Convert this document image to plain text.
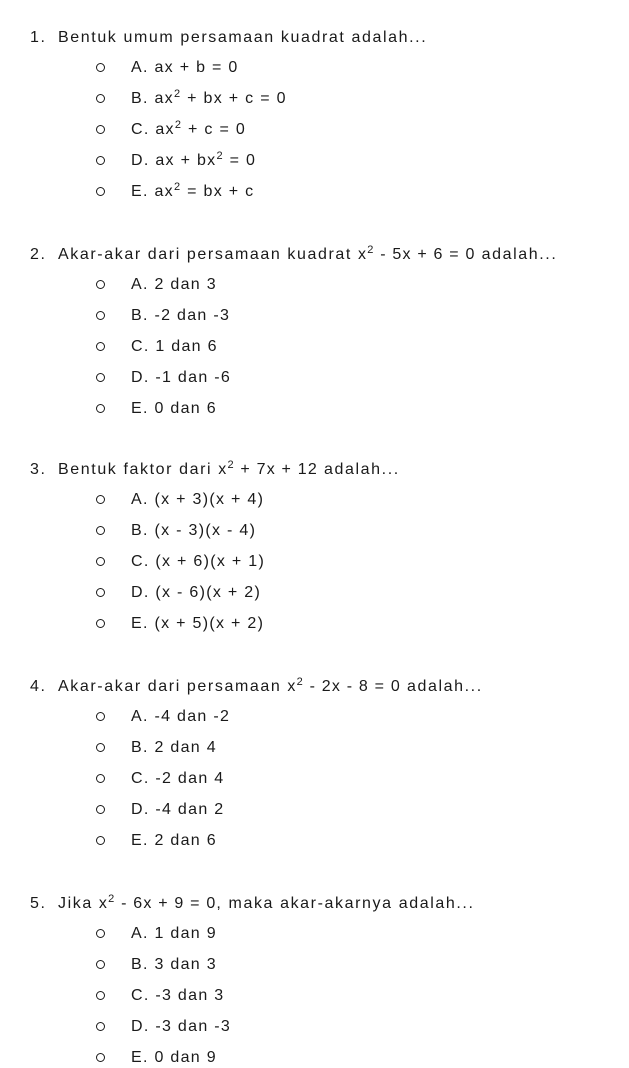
1. Bentuk umum persamaan kuadrat adalah...
A. ax + b = 0
B. $ax^2$ + bx + c = 0
C. $ax^2 + c = 0$
D. ax + $bx^2 = 0$
E. $ax^2$ = bx + c
2. Akar-akar dari persamaan kuadrat $x^2 - 5x + 6 = 0$ adalah...
A. 2 dan 3
B. -2 dan -3
C. 1 dan 6
D. -1 dan -6
E. 0 dan 6
3. Bentuk faktor dari $x^2 + 7x + 12$ adalah...
A. (x + 3)(x + 4)
B. (x - 3)(x - 4)
C. (x + 6)(x + 1)
D. (x - 6)(x + 2)
E. (x + 5)(x + 2)
4. Akar-akar dari persamaan $x^2 - 2x - 8 = 0$ adalah...
A. -4 dan -2
B. 2 dan 4
C. -2 dan 4
D. -4 dan 2
E. 2 dan 6
5. Jika $x^2 - 6x + 9 = 0$, maka akar-akarnya adalah...
A. 1 dan 9
B. 3 dan 3
C. -3 dan 3
D. -3 dan -3
E. 0 dan 9
